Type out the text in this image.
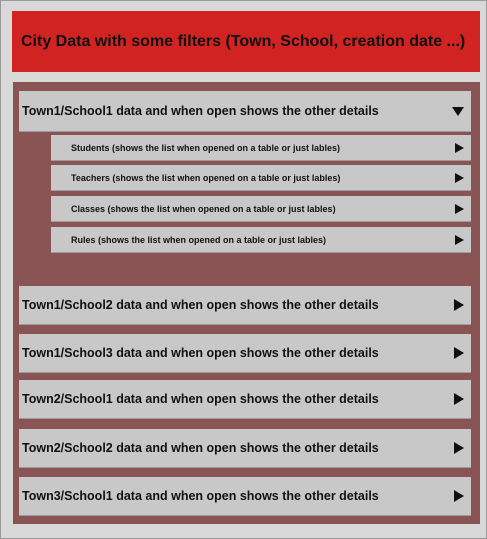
City Data with some filters (Town, School, creation date ...)
Town1/School1 data and when open shows the other details
Students (shows the list when opened on a table or just lables)
Teachers (shows the list when opened on a table or just lables)
Classes (shows the list when opened on a table or just lables)
Rules (shows the list when opened on a table or just lables)
Town1/School2 data and when open shows the other details
Town1/School3 data and when open shows the other details
Town2/School1 data and when open shows the other details
Town2/School2 data and when open shows the other details
Town3/School1 data and when open shows the other details
